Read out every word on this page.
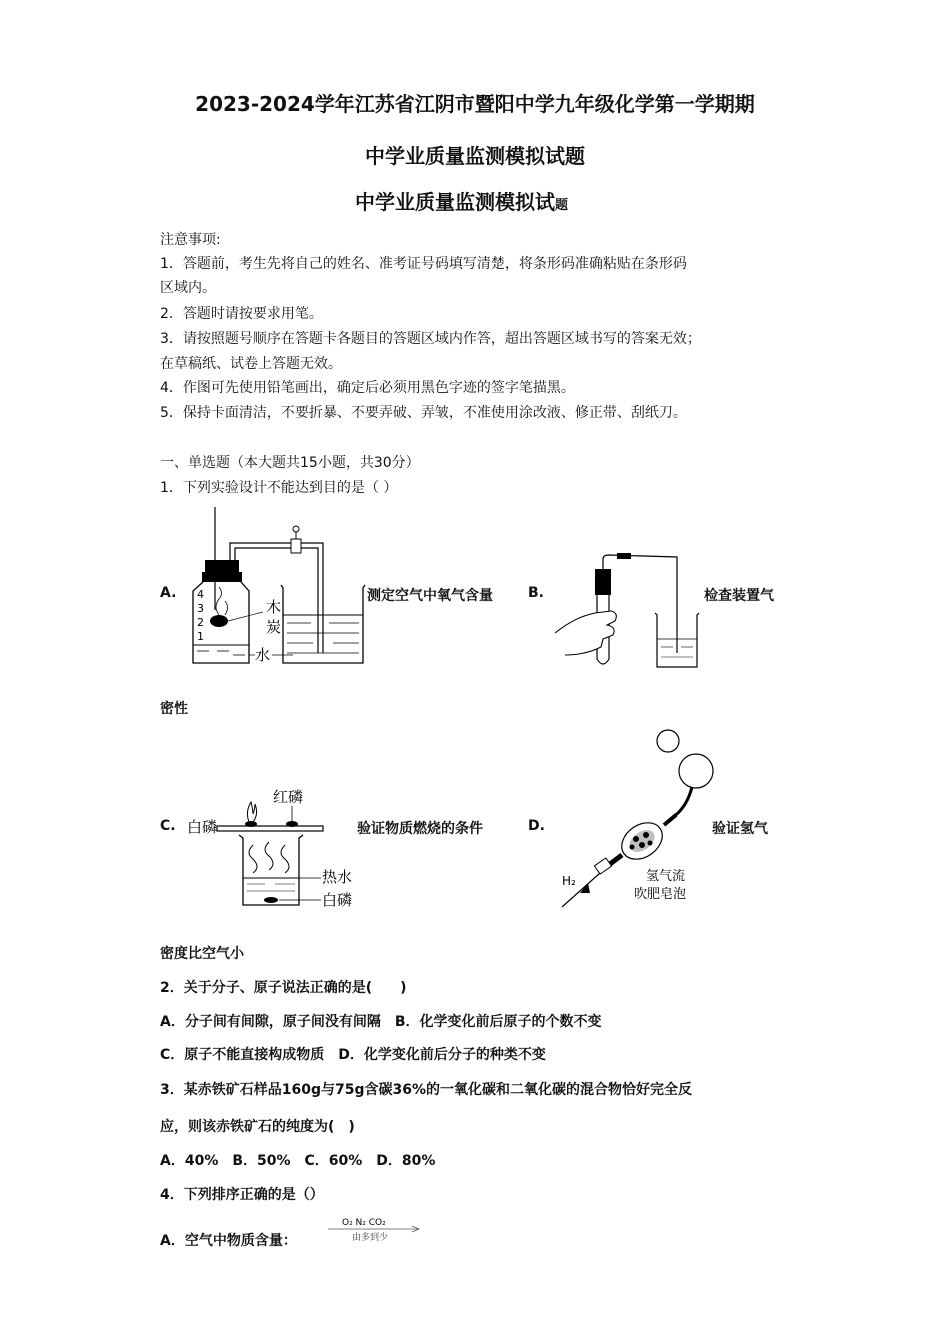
2023-2024学年江苏省江阴市暨阳中学九年级化学第一学期期
中学业质量监测模拟试题
中学业质量监测模拟试题
注意事项:
1．答题前，考生先将自己的姓名、准考证号码填写清楚，将条形码准确粘贴在条形码
区域内。
2．答题时请按要求用笔。
3．请按照题号顺序在答题卡各题目的答题区域内作答，超出答题区域书写的答案无效；
在草稿纸、试卷上答题无效。
4．作图可先使用铅笔画出，确定后必须用黑色字迹的签字笔描黑。
5．保持卡面清洁，不要折暴、不要弄破、弄皱，不准使用涂改液、修正带、刮纸刀。
一、单选题（本大题共15小题，共30分）
1．下列实验设计不能达到目的是（ ）
A. 4
3
2
1
木
炭
水
测定空气中氧气含量	B.	检查装置气
密性
C. 白磷
红磷
热水
白磷
验证物质燃烧的条件	D.
H₂	氢气流
吹肥皂泡
验证氢气
密度比空气小
2．关于分子、原子说法正确的是(　　)
A．分子间有间隙，原子间没有间隔　B．化学变化前后原子的个数不变
C．原子不能直接构成物质　D．化学变化前后分子的种类不变
3．某赤铁矿石样品160g与75g含碳36%的一氧化碳和二氧化碳的混合物恰好完全反
应，则该赤铁矿石的纯度为(　)
A．40%　B．50%　C．60%　D．80%
4．下列排序正确的是（）
A．空气中物质含量：
O₂ N₂ CO₂
由多到少
